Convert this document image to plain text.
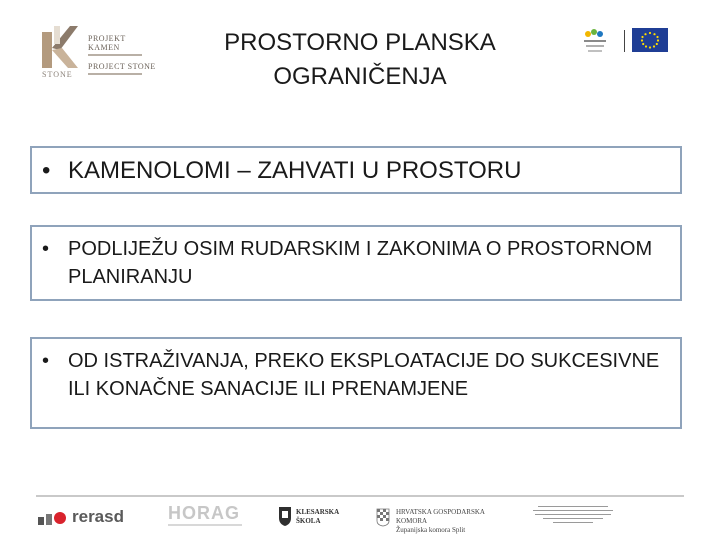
PROJEKT KAMEN
PROJECT STONE
STONE
PROSTORNO PLANSKA
OGRANIČENJA
• KAMENOLOMI – ZAHVATI U PROSTORU
• PODLIJEŽU OSIM RUDARSKIM I ZAKONIMA O PROSTORNOM PLANIRANJU
• OD ISTRAŽIVANJA, PREKO EKSPLOATACIJE DO SUKCESIVNE ILI KONAČNE SANACIJE ILI PRENAMJENE
rerasd HORAG	KLESARSKA
ŠKOLA
HRVATSKA GOSPODARSKA KOMORA
Županijska komora Split
